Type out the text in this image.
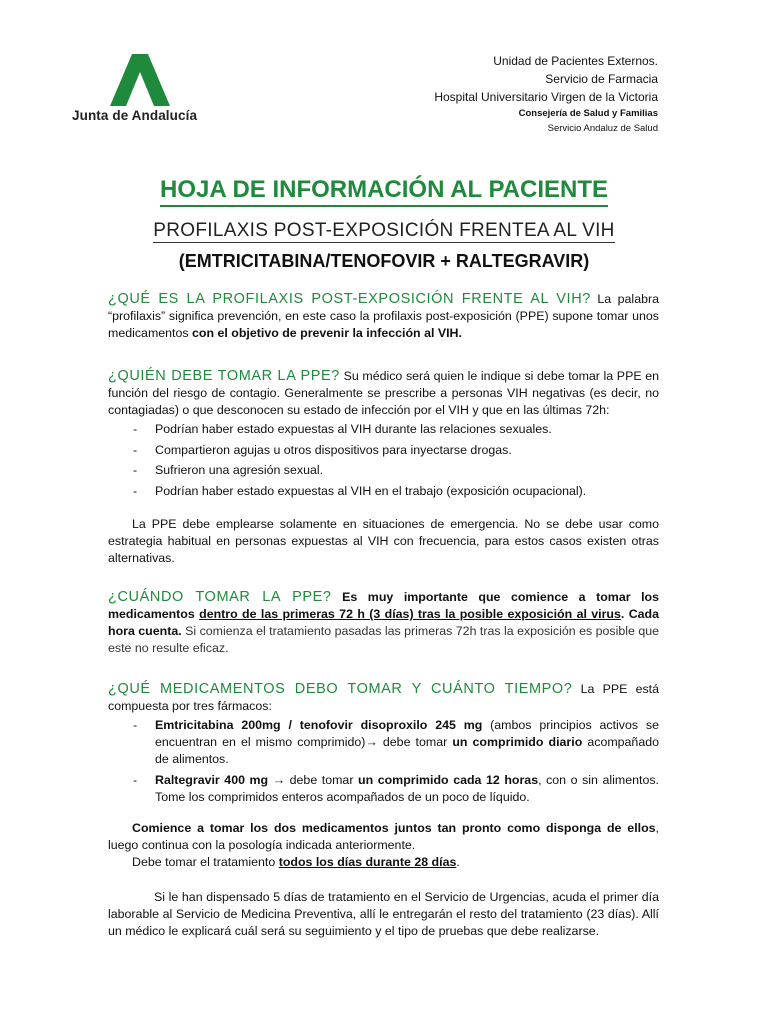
Junta de Andalucía
Unidad de Pacientes Externos.
Servicio de Farmacia
Hospital Universitario Virgen de la Victoria
Consejería de Salud y Familias
Servicio Andaluz de Salud
HOJA DE INFORMACIÓN AL PACIENTE
PROFILAXIS POST-EXPOSICIÓN FRENTEA AL VIH
(EMTRICITABINA/TENOFOVIR + RALTEGRAVIR)

¿QUÉ ES LA PROFILAXIS POST-EXPOSICIÓN FRENTE AL VIH? La palabra “profilaxis” significa prevención, en este caso la profilaxis post-exposición (PPE) supone tomar unos medicamentos con el objetivo de prevenir la infección al VIH.

¿QUIÉN DEBE TOMAR LA PPE? Su médico será quien le indique si debe tomar la PPE en función del riesgo de contagio. Generalmente se prescribe a personas VIH negativas (es decir, no contagiadas) o que desconocen su estado de infección por el VIH y que en las últimas 72h:

- Podrían haber estado expuestas al VIH durante las relaciones sexuales.
- Compartieron agujas u otros dispositivos para inyectarse drogas.
- Sufrieron una agresión sexual.
- Podrían haber estado expuestas al VIH en el trabajo (exposición ocupacional).

La PPE debe emplearse solamente en situaciones de emergencia. No se debe usar como estrategia habitual en personas expuestas al VIH con frecuencia, para estos casos existen otras alternativas.

¿CUÁNDO TOMAR LA PPE? Es muy importante que comience a tomar los medicamentos dentro de las primeras 72 h (3 días) tras la posible exposición al virus. Cada hora cuenta. Si comienza el tratamiento pasadas las primeras 72h tras la exposición es posible que este no resulte eficaz.

¿QUÉ MEDICAMENTOS DEBO TOMAR Y CUÁNTO TIEMPO? La PPE está compuesta por tres fármacos:

- Emtricitabina 200mg / tenofovir disoproxilo 245 mg (ambos principios activos se encuentran en el mismo comprimido)→ debe tomar un comprimido diario acompañado de alimentos.
- Raltegravir 400 mg → debe tomar un comprimido cada 12 horas, con o sin alimentos. Tome los comprimidos enteros acompañados de un poco de líquido.

Comience a tomar los dos medicamentos juntos tan pronto como disponga de ellos, luego continua con la posología indicada anteriormente.

Debe tomar el tratamiento todos los días durante 28 días.

Si le han dispensado 5 días de tratamiento en el Servicio de Urgencias, acuda el primer día laborable al Servicio de Medicina Preventiva, allí le entregarán el resto del tratamiento (23 días). Allí un médico le explicará cuál será su seguimiento y el tipo de pruebas que debe realizarse.
